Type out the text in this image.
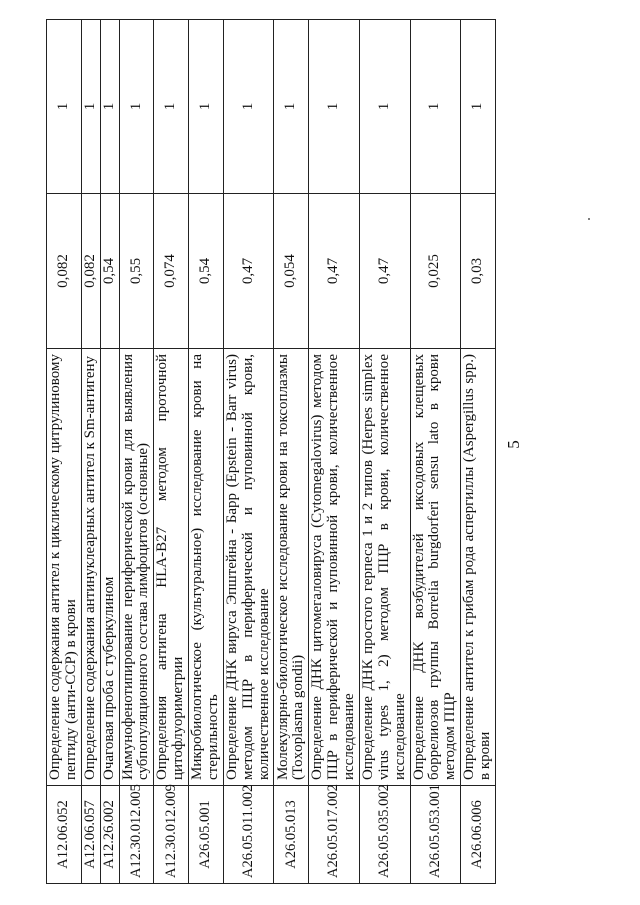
5
A12.06.052	Определение содержания антител к циклическому цитрулиновому пептиду (анти-CCP) в крови	0,082	1
A12.06.057	Определение содержания антинуклеарных антител к Sm-антигену	0,082	1
A12.26.002	Очаговая проба с туберкулином	0,54	1
A12.30.012.005	Иммунофенотипирование периферической крови для выявления субпопуляционного состава лимфоцитов (основные)	0,55	1
A12.30.012.009	Определения антигена HLA-B27 методом проточной цитофлуориметрии	0,074	1
A26.05.001	Микробиологическое (культуральное) исследование крови на стерильность	0,54	1
A26.05.011.002	Определение ДНК вируса Эпштейна - Барр (Epstein - Barr virus) методом ПЦР в периферической и пуповинной крови, количественное исследование	0,47	1
A26.05.013	Молекулярно-биологическое исследование крови на токсоплазмы (Toxoplasma gondii)	0,054	1
A26.05.017.002	Определение ДНК цитомегаловируса (Cytomegalovirus) методом ПЦР в периферической и пуповинной крови, количественное исследование	0,47	1
A26.05.035.002	Определение ДНК простого герпеса 1 и 2 типов (Herpes simplex virus types 1, 2) методом ПЦР в крови, количественное исследование	0,47	1
A26.05.053.001	Определение ДНК возбудителей иксодовых клещевых боррелиозов группы Borrelia burgdorferi sensu lato в крови методом ПЦР	0,025	1
A26.06.006	Определение антител к грибам рода аспергиллы (Aspergillus spp.) в крови	0,03	1
